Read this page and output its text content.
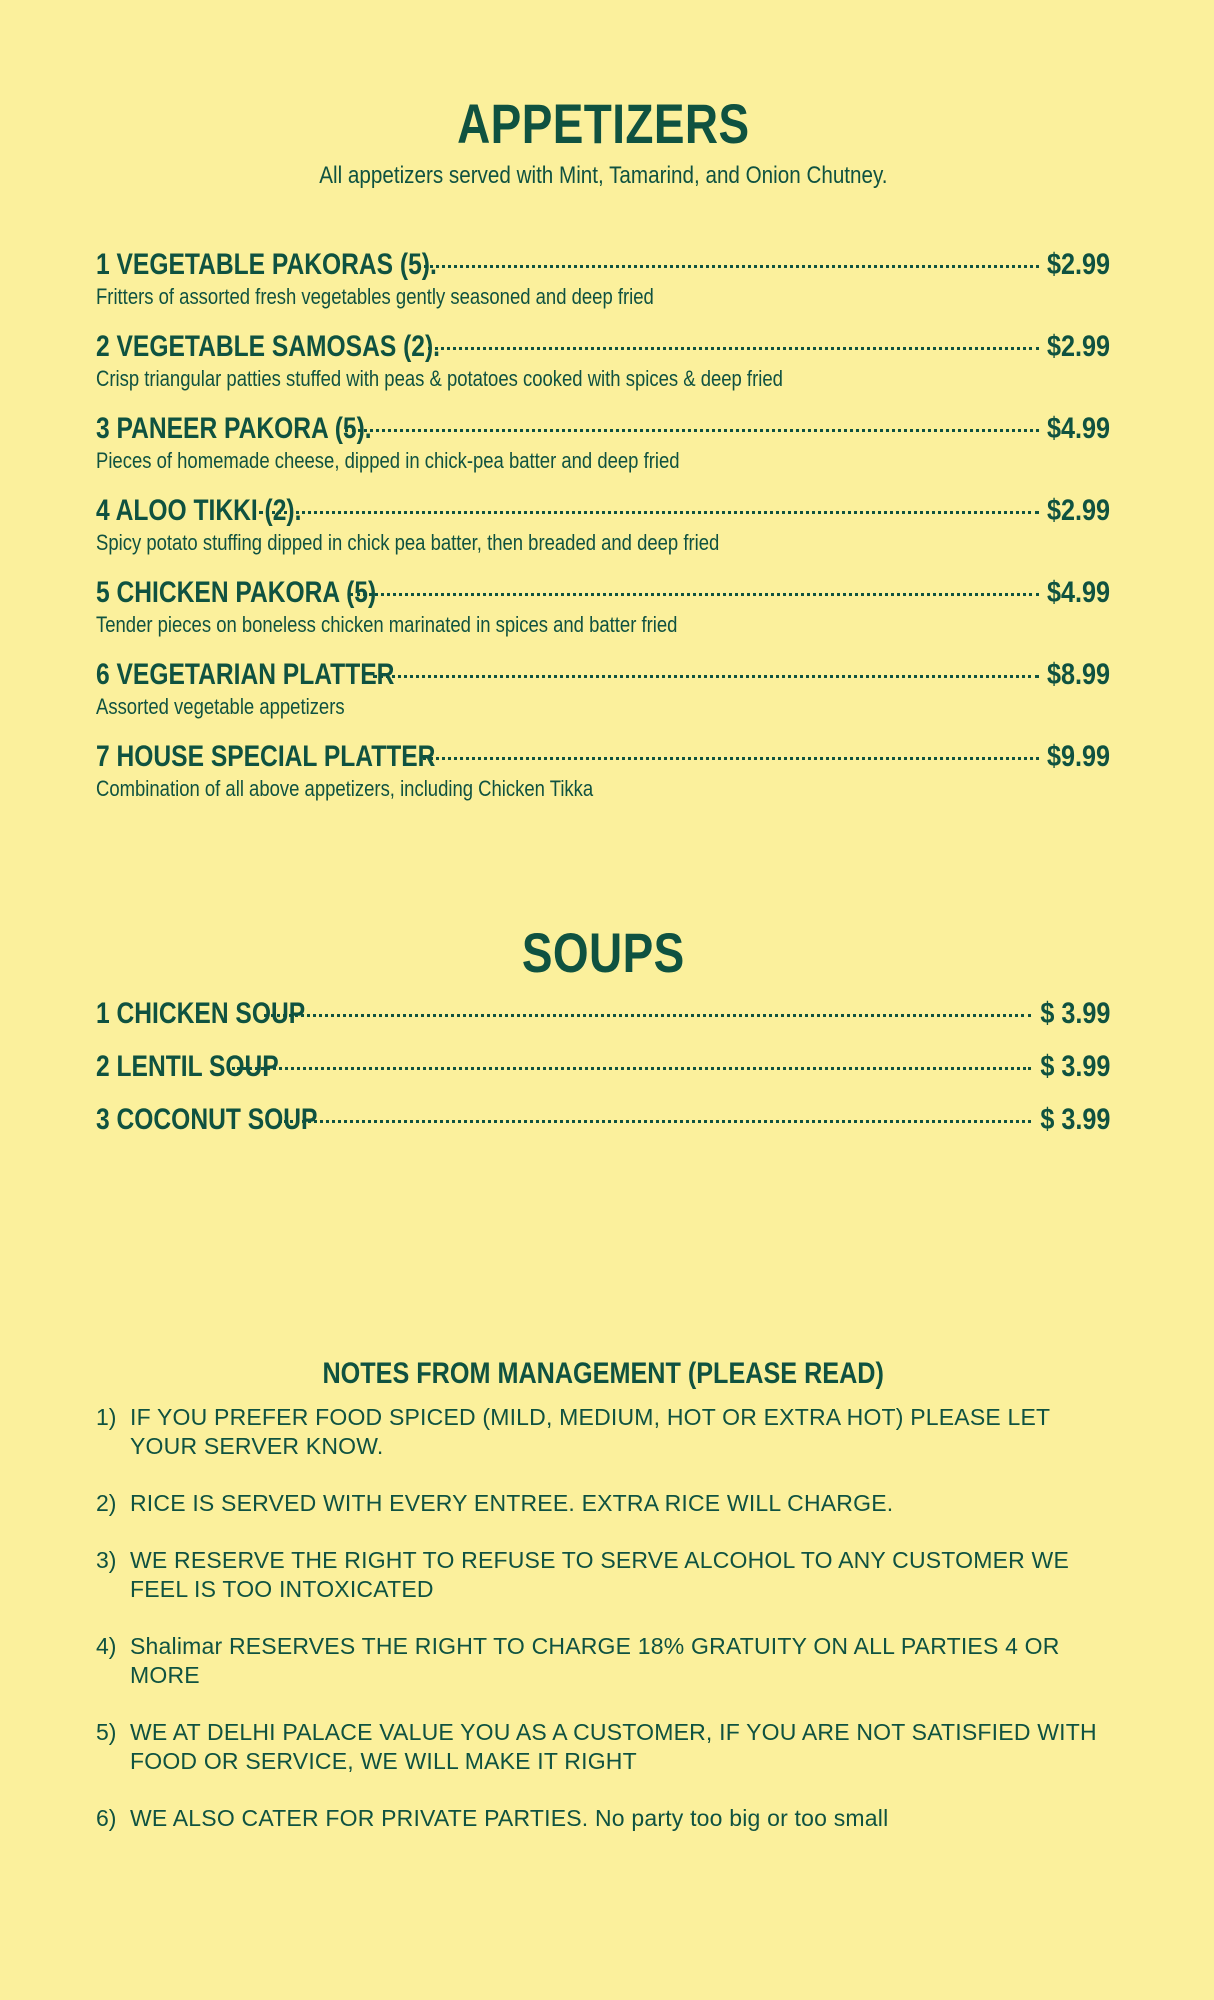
APPETIZERS
All appetizers served with Mint, Tamarind, and Onion Chutney.
1 VEGETABLE PAKORAS (5).	$2.99
Fritters of assorted fresh vegetables gently seasoned and deep fried
2 VEGETABLE SAMOSAS (2).	$2.99
Crisp triangular patties stuffed with peas & potatoes cooked with spices & deep fried
3 PANEER PAKORA (5).	$4.99
Pieces of homemade cheese, dipped in chick-pea batter and deep fried
4 ALOO TIKKI (2).	$2.99
Spicy potato stuffing dipped in chick pea batter, then breaded and deep fried
5 CHICKEN PAKORA (5)	$4.99
Tender pieces on boneless chicken marinated in spices and batter fried
6 VEGETARIAN PLATTER	$8.99
Assorted vegetable appetizers
7 HOUSE SPECIAL PLATTER	$9.99
Combination of all above appetizers, including Chicken Tikka
SOUPS
1 CHICKEN SOUP	$ 3.99
2 LENTIL SOUP	$ 3.99
3 COCONUT SOUP	$ 3.99
NOTES FROM MANAGEMENT (PLEASE READ)
1) IF YOU PREFER FOOD SPICED (MILD, MEDIUM, HOT OR EXTRA HOT) PLEASE LET YOUR SERVER KNOW.
2) RICE IS SERVED WITH EVERY ENTREE. EXTRA RICE WILL CHARGE.
3) WE RESERVE THE RIGHT TO REFUSE TO SERVE ALCOHOL TO ANY CUSTOMER WE FEEL IS TOO INTOXICATED
4) Shalimar RESERVES THE RIGHT TO CHARGE 18% GRATUITY ON ALL PARTIES 4 OR MORE
5) WE AT DELHI PALACE VALUE YOU AS A CUSTOMER, IF YOU ARE NOT SATISFIED WITH FOOD OR SERVICE, WE WILL MAKE IT RIGHT
6) WE ALSO CATER FOR PRIVATE PARTIES. No party too big or too small
